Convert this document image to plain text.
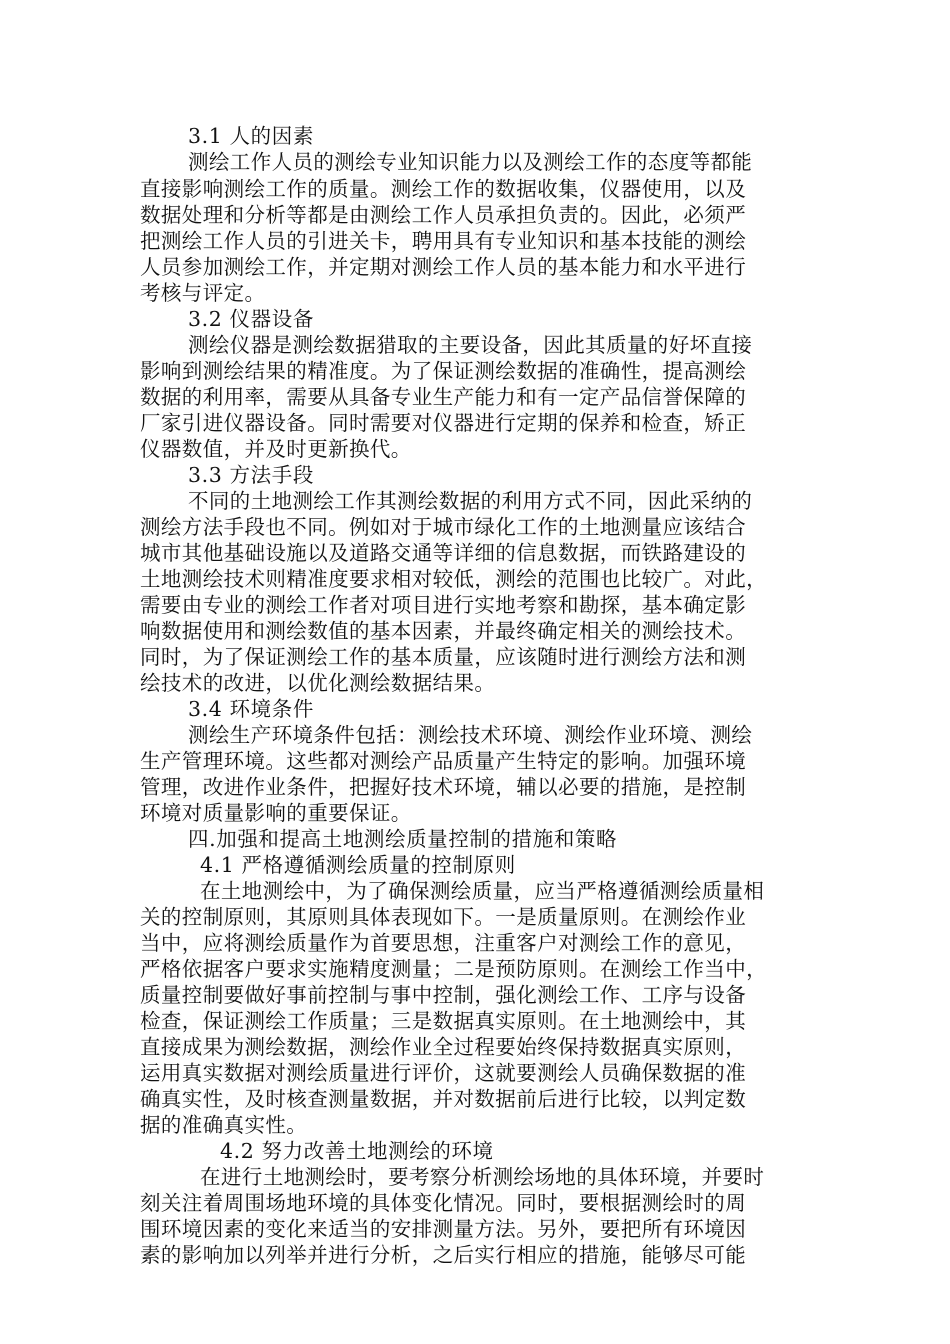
3.1 人的因素
测绘工作人员的测绘专业知识能力以及测绘工作的态度等都能
直接影响测绘工作的质量。测绘工作的数据收集，仪器使用，以及
数据处理和分析等都是由测绘工作人员承担负责的。因此，必须严
把测绘工作人员的引进关卡，聘用具有专业知识和基本技能的测绘
人员参加测绘工作，并定期对测绘工作人员的基本能力和水平进行
考核与评定。
3.2 仪器设备
测绘仪器是测绘数据猎取的主要设备，因此其质量的好坏直接
影响到测绘结果的精准度。为了保证测绘数据的准确性，提高测绘
数据的利用率，需要从具备专业生产能力和有一定产品信誉保障的
厂家引进仪器设备。同时需要对仪器进行定期的保养和检查，矫正
仪器数值，并及时更新换代。
3.3 方法手段
不同的土地测绘工作其测绘数据的利用方式不同，因此采纳的
测绘方法手段也不同。例如对于城市绿化工作的土地测量应该结合
城市其他基础设施以及道路交通等详细的信息数据，而铁路建设的
土地测绘技术则精准度要求相对较低，测绘的范围也比较广。对此，
需要由专业的测绘工作者对项目进行实地考察和勘探，基本确定影
响数据使用和测绘数值的基本因素，并最终确定相关的测绘技术。
同时，为了保证测绘工作的基本质量，应该随时进行测绘方法和测
绘技术的改进，以优化测绘数据结果。
3.4 环境条件
测绘生产环境条件包括：测绘技术环境、测绘作业环境、测绘
生产管理环境。这些都对测绘产品质量产生特定的影响。加强环境
管理，改进作业条件，把握好技术环境，辅以必要的措施，是控制
环境对质量影响的重要保证。
四.加强和提高土地测绘质量控制的措施和策略
4.1 严格遵循测绘质量的控制原则
在土地测绘中，为了确保测绘质量，应当严格遵循测绘质量相
关的控制原则，其原则具体表现如下。一是质量原则。在测绘作业
当中，应将测绘质量作为首要思想，注重客户对测绘工作的意见，
严格依据客户要求实施精度测量；二是预防原则。在测绘工作当中，
质量控制要做好事前控制与事中控制，强化测绘工作、工序与设备
检查，保证测绘工作质量；三是数据真实原则。在土地测绘中，其
直接成果为测绘数据，测绘作业全过程要始终保持数据真实原则，
运用真实数据对测绘质量进行评价，这就要测绘人员确保数据的准
确真实性，及时核查测量数据，并对数据前后进行比较，以判定数
据的准确真实性。
4.2 努力改善土地测绘的环境
在进行土地测绘时，要考察分析测绘场地的具体环境，并要时
刻关注着周围场地环境的具体变化情况。同时，要根据测绘时的周
围环境因素的变化来适当的安排测量方法。另外，要把所有环境因
素的影响加以列举并进行分析，之后实行相应的措施，能够尽可能
